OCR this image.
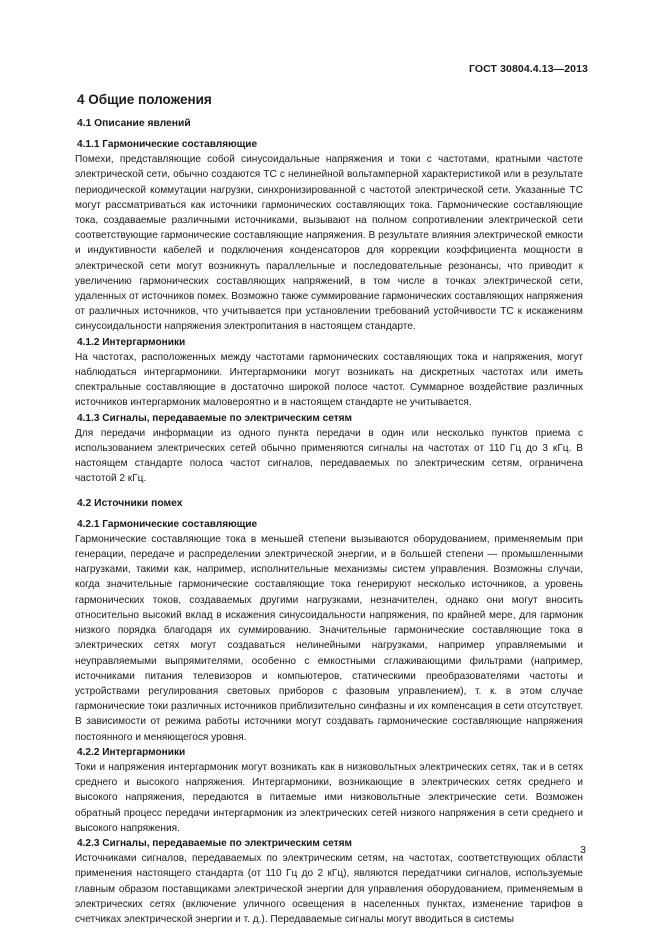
ГОСТ 30804.4.13—2013
4 Общие положения
4.1 Описание явлений
4.1.1 Гармонические составляющие

Помехи, представляющие собой синусоидальные напряжения и токи с частотами, кратными частоте электрической сети, обычно создаются ТС с нелинейной вольтамперной характеристикой или в результате периодической коммутации нагрузки, синхронизированной с частотой электрической сети. Указанные ТС могут рассматриваться как источники гармонических составляющих тока. Гармонические составляющие тока, создаваемые различными источниками, вызывают на полном сопротивлении электрической сети соответствующие гармонические составляющие напряжения. В результате влияния электрической емкости и индуктивности кабелей и подключения конденсаторов для коррекции коэффициента мощности в электрической сети могут возникнуть параллельные и последовательные резонансы, что приводит к увеличению гармонических составляющих напряжений, в том числе в точках электрической сети, удаленных от источников помех. Возможно также суммирование гармонических составляющих напряжения от различных источников, что учитывается при установлении требований устойчивости ТС к искажениям синусоидальности напряжения электропитания в настоящем стандарте.

4.1.2 Интергармоники

На частотах, расположенных между частотами гармонических составляющих тока и напряжения, могут наблюдаться интергармоники. Интергармоники могут возникать на дискретных частотах или иметь спектральные составляющие в достаточно широкой полосе частот. Суммарное воздействие различных источников интергармоник маловероятно и в настоящем стандарте не учитывается.

4.1.3 Сигналы, передаваемые по электрическим сетям

Для передачи информации из одного пункта передачи в один или несколько пунктов приема с использованием электрических сетей обычно применяются сигналы на частотах от 110 Гц до 3 кГц. В настоящем стандарте полоса частот сигналов, передаваемых по электрическим сетям, ограничена частотой 2 кГц.

4.2 Источники помех
4.2.1 Гармонические составляющие

Гармонические составляющие тока в меньшей степени вызываются оборудованием, применяемым при генерации, передаче и распределении электрической энергии, и в большей степени — промышленными нагрузками, такими как, например, исполнительные механизмы систем управления. Возможны случаи, когда значительные гармонические составляющие тока генерируют несколько источников, а уровень гармонических токов, создаваемых другими нагрузками, незначителен, однако они могут вносить относительно высокий вклад в искажения синусоидальности напряжения, по крайней мере, для гармоник низкого порядка благодаря их суммированию. Значительные гармонические составляющие тока в электрических сетях могут создаваться нелинейными нагрузками, например управляемыми и неуправляемыми выпрямителями, особенно с емкостными сглаживающими фильтрами (например, источниками питания телевизоров и компьютеров, статическими преобразователями частоты и устройствами регулирования световых приборов с фазовым управлением), т. к. в этом случае гармонические токи различных источников приблизительно синфазны и их компенсация в сети отсутствует. В зависимости от режима работы источники могут создавать гармонические составляющие напряжения постоянного и меняющегося уровня.

4.2.2 Интергармоники

Токи и напряжения интергармоник могут возникать как в низковольтных электрических сетях, так и в сетях среднего и высокого напряжения. Интергармоники, возникающие в электрических сетях среднего и высокого напряжения, передаются в питаемые ими низковольтные электрические сети. Возможен обратный процесс передачи интергармоник из электрических сетей низкого напряжения в сети среднего и высокого напряжения.

4.2.3 Сигналы, передаваемые по электрическим сетям

Источниками сигналов, передаваемых по электрическим сетям, на частотах, соответствующих области применения настоящего стандарта (от 110 Гц до 2 кГц), являются передатчики сигналов, используемые главным образом поставщиками электрической энергии для управления оборудованием, применяемым в электрических сетях (включение уличного освещения в населенных пунктах, изменение тарифов в счетчиках электрической энергии и т. д.). Передаваемые сигналы могут вводиться в системы

3
